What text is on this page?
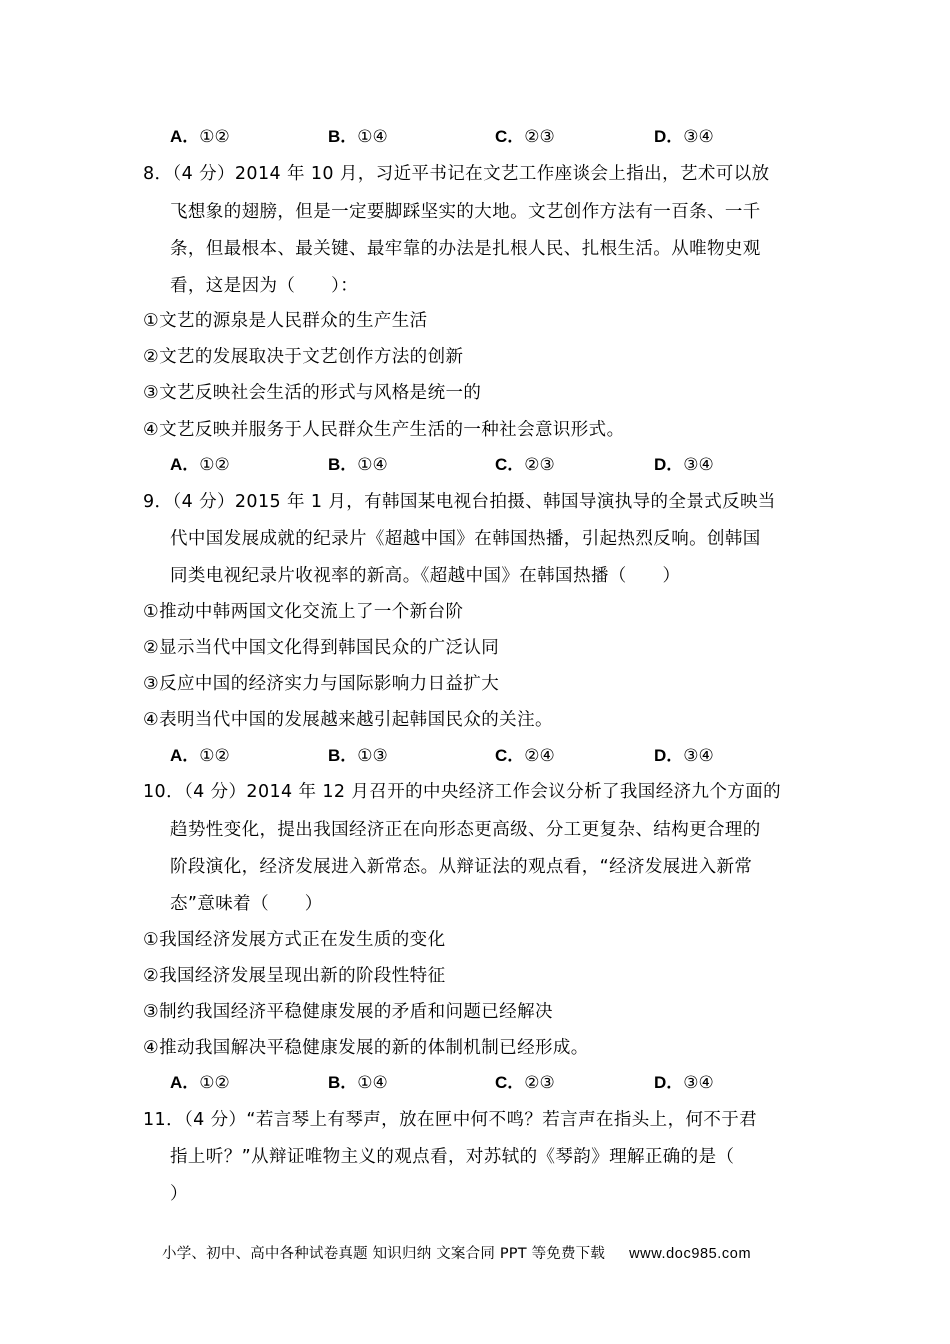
A．①②	B．①④	C．②③	D．③④
8．（4 分）2014 年 10 月，习近平书记在文艺工作座谈会上指出，艺术可以放
飞想象的翅膀，但是一定要脚踩坚实的大地。文艺创作方法有一百条、一千
条，但最根本、最关键、最牢靠的办法是扎根人民、扎根生活。从唯物史观
看，这是因为（　　）：
①文艺的源泉是人民群众的生产生活
②文艺的发展取决于文艺创作方法的创新
③文艺反映社会生活的形式与风格是统一的
④文艺反映并服务于人民群众生产生活的一种社会意识形式。
A．①②	B．①④	C．②③	D．③④
9．（4 分）2015 年 1 月，有韩国某电视台拍摄、韩国导演执导的全景式反映当
代中国发展成就的纪录片《超越中国》在韩国热播，引起热烈反响。创韩国
同类电视纪录片收视率的新高。《超越中国》在韩国热播（　　）
①推动中韩两国文化交流上了一个新台阶
②显示当代中国文化得到韩国民众的广泛认同
③反应中国的经济实力与国际影响力日益扩大
④表明当代中国的发展越来越引起韩国民众的关注。
A．①②	B．①③	C．②④	D．③④
10．（4 分）2014 年 12 月召开的中央经济工作会议分析了我国经济九个方面的
趋势性变化，提出我国经济正在向形态更高级、分工更复杂、结构更合理的
阶段演化，经济发展进入新常态。从辩证法的观点看，“经济发展进入新常
态”意味着（　　）
①我国经济发展方式正在发生质的变化
②我国经济发展呈现出新的阶段性特征
③制约我国经济平稳健康发展的矛盾和问题已经解决
④推动我国解决平稳健康发展的新的体制机制已经形成。
A．①②	B．①④	C．②③	D．③④
11．（4 分）“若言琴上有琴声，放在匣中何不鸣？若言声在指头上，何不于君
指上听？”从辩证唯物主义的观点看，对苏轼的《琴韵》理解正确的是（
）
小学、初中、高中各种试卷真题 知识归纳 文案合同 PPT 等免费下载 www.doc985.com
